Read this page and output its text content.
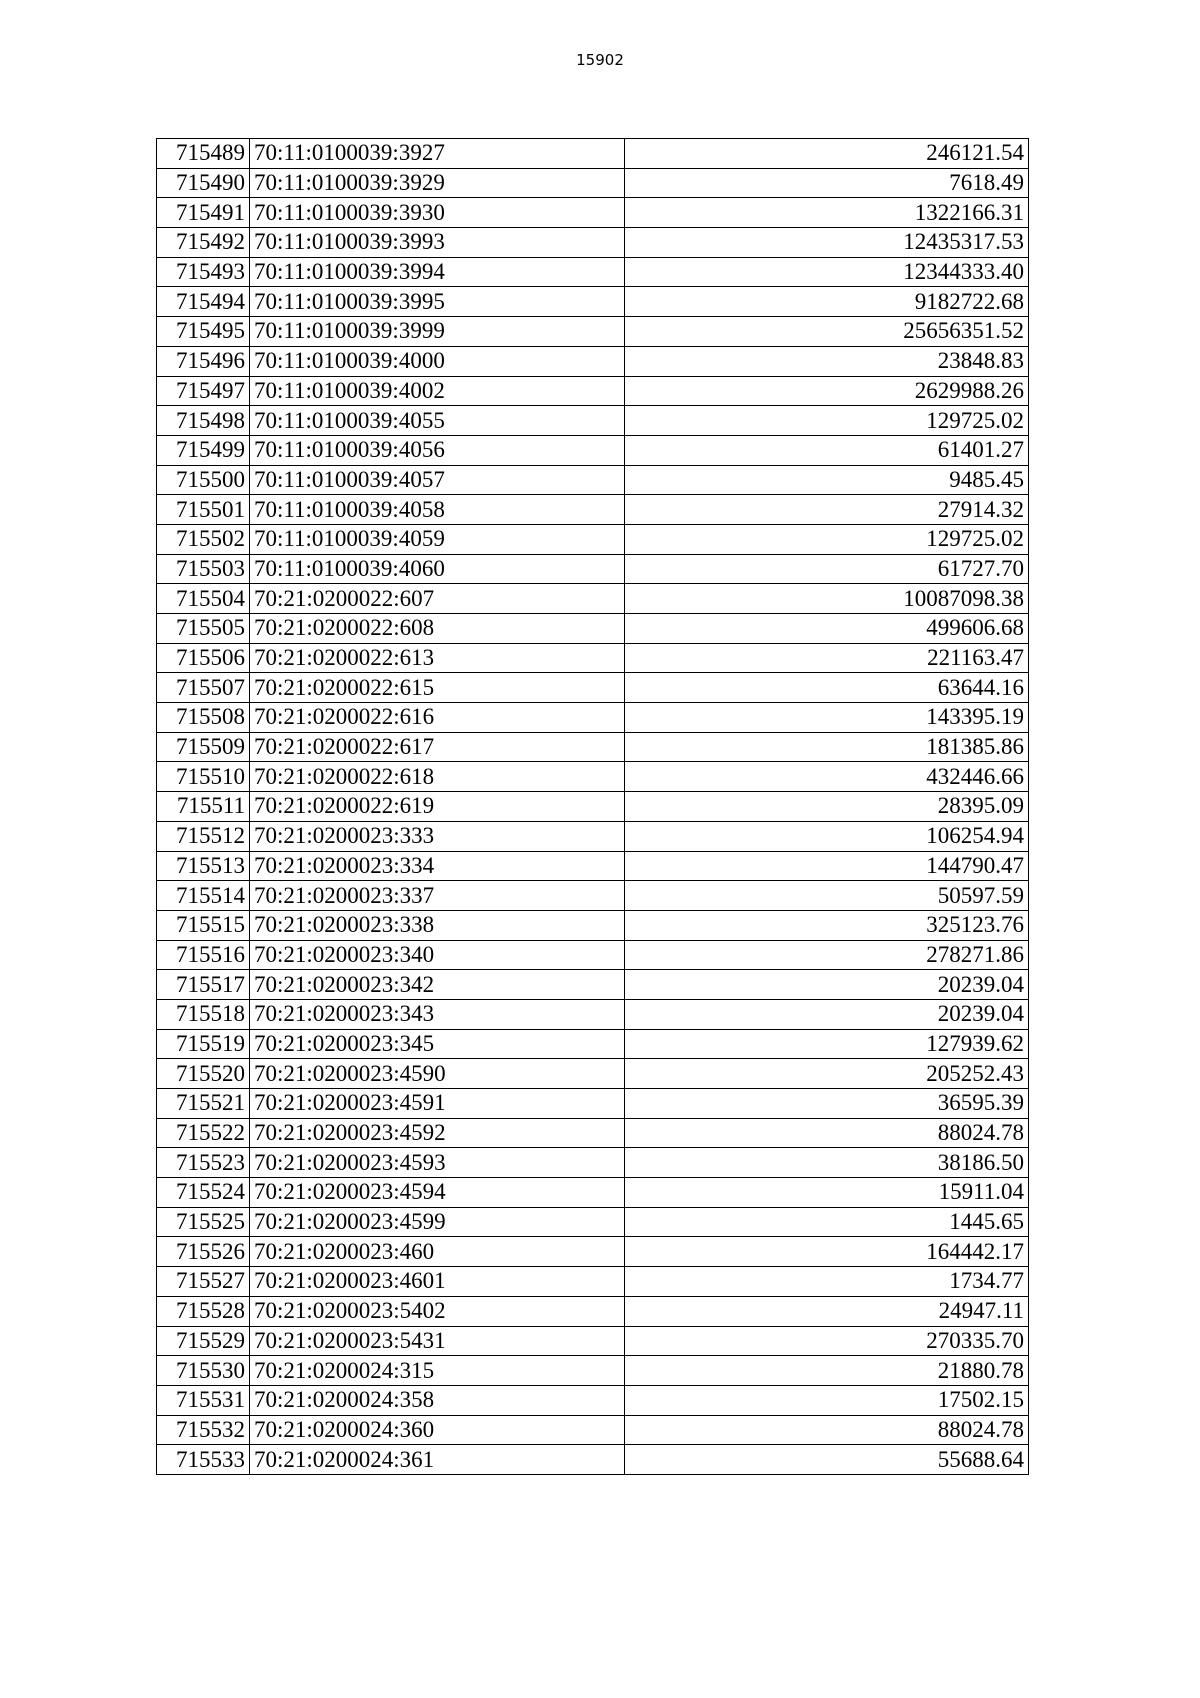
15902
715489	70:11:0100039:3927	246121.54
715490	70:11:0100039:3929	7618.49
715491	70:11:0100039:3930	1322166.31
715492	70:11:0100039:3993	12435317.53
715493	70:11:0100039:3994	12344333.40
715494	70:11:0100039:3995	9182722.68
715495	70:11:0100039:3999	25656351.52
715496	70:11:0100039:4000	23848.83
715497	70:11:0100039:4002	2629988.26
715498	70:11:0100039:4055	129725.02
715499	70:11:0100039:4056	61401.27
715500	70:11:0100039:4057	9485.45
715501	70:11:0100039:4058	27914.32
715502	70:11:0100039:4059	129725.02
715503	70:11:0100039:4060	61727.70
715504	70:21:0200022:607	10087098.38
715505	70:21:0200022:608	499606.68
715506	70:21:0200022:613	221163.47
715507	70:21:0200022:615	63644.16
715508	70:21:0200022:616	143395.19
715509	70:21:0200022:617	181385.86
715510	70:21:0200022:618	432446.66
715511	70:21:0200022:619	28395.09
715512	70:21:0200023:333	106254.94
715513	70:21:0200023:334	144790.47
715514	70:21:0200023:337	50597.59
715515	70:21:0200023:338	325123.76
715516	70:21:0200023:340	278271.86
715517	70:21:0200023:342	20239.04
715518	70:21:0200023:343	20239.04
715519	70:21:0200023:345	127939.62
715520	70:21:0200023:4590	205252.43
715521	70:21:0200023:4591	36595.39
715522	70:21:0200023:4592	88024.78
715523	70:21:0200023:4593	38186.50
715524	70:21:0200023:4594	15911.04
715525	70:21:0200023:4599	1445.65
715526	70:21:0200023:460	164442.17
715527	70:21:0200023:4601	1734.77
715528	70:21:0200023:5402	24947.11
715529	70:21:0200023:5431	270335.70
715530	70:21:0200024:315	21880.78
715531	70:21:0200024:358	17502.15
715532	70:21:0200024:360	88024.78
715533	70:21:0200024:361	55688.64
